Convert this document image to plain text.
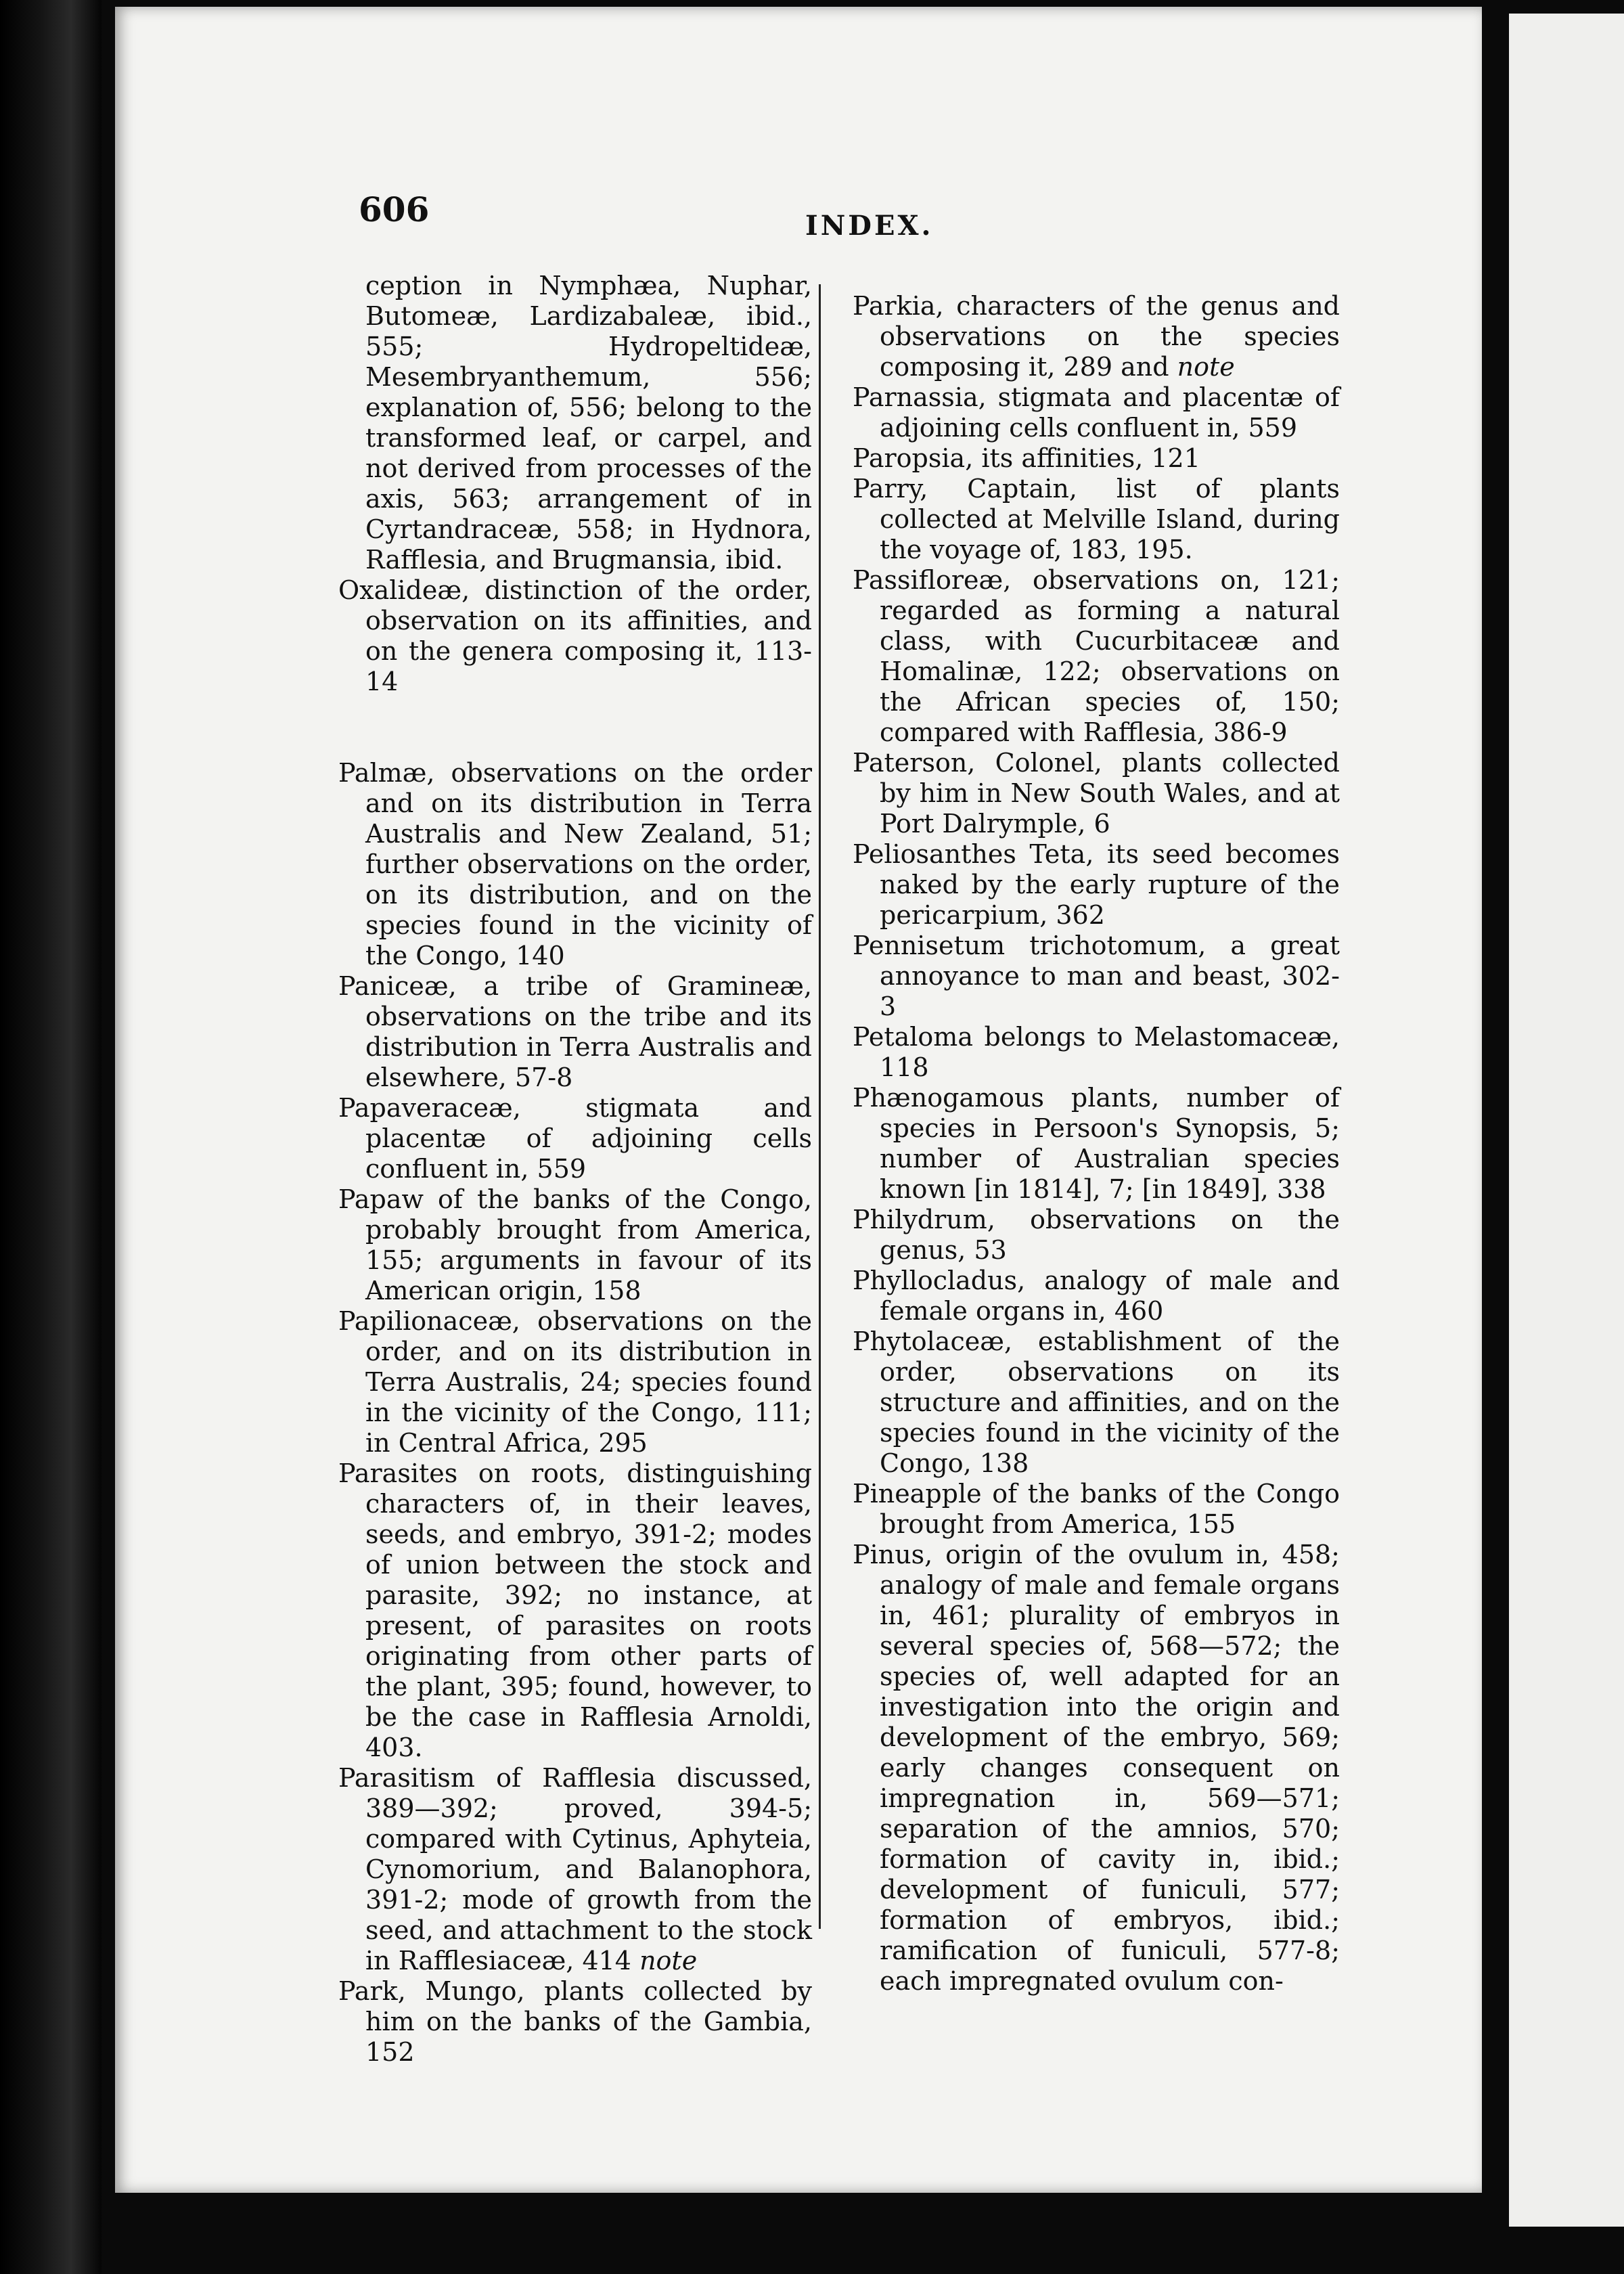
606	INDEX.

ception in Nymphæa, Nuphar, Butomeæ, Lardizabaleæ, ibid., 555; Hydropeltideæ, Mesembryanthemum, 556; explanation of, 556; belong to the transformed leaf, or carpel, and not derived from processes of the axis, 563; arrangement of in Cyrtandraceæ, 558; in Hydnora, Rafflesia, and Brugmansia, ibid.

Oxalideæ, distinction of the order, observation on its affinities, and on the genera composing it, 113-14

Palmæ, observations on the order and on its distribution in Terra Australis and New Zealand, 51; further observations on the order, on its distribution, and on the species found in the vicinity of the Congo, 140

Paniceæ, a tribe of Gramineæ, observations on the tribe and its distribution in Terra Australis and elsewhere, 57-8

Papaveraceæ, stigmata and placentæ of adjoining cells confluent in, 559

Papaw of the banks of the Congo, probably brought from America, 155; arguments in favour of its American origin, 158

Papilionaceæ, observations on the order, and on its distribution in Terra Australis, 24; species found in the vicinity of the Congo, 111; in Central Africa, 295

Parasites on roots, distinguishing characters of, in their leaves, seeds, and embryo, 391-2; modes of union between the stock and parasite, 392; no instance, at present, of parasites on roots originating from other parts of the plant, 395; found, however, to be the case in Rafflesia Arnoldi, 403.

Parasitism of Rafflesia discussed, 389—392; proved, 394-5; compared with Cytinus, Aphyteia, Cynomorium, and Balanophora, 391-2; mode of growth from the seed, and attachment to the stock in Rafflesiaceæ, 414 note

Park, Mungo, plants collected by him on the banks of the Gambia, 152

Parkia, characters of the genus and observations on the species composing it, 289 and note

Parnassia, stigmata and placentæ of adjoining cells confluent in, 559

Paropsia, its affinities, 121

Parry, Captain, list of plants collected at Melville Island, during the voyage of, 183, 195.

Passifloreæ, observations on, 121; regarded as forming a natural class, with Cucurbitaceæ and Homalinæ, 122; observations on the African species of, 150; compared with Rafflesia, 386-9

Paterson, Colonel, plants collected by him in New South Wales, and at Port Dalrymple, 6

Peliosanthes Teta, its seed becomes naked by the early rupture of the pericarpium, 362

Pennisetum trichotomum, a great annoyance to man and beast, 302-3

Petaloma belongs to Melastomaceæ, 118

Phænogamous plants, number of species in Persoon's Synopsis, 5; number of Australian species known [in 1814], 7; [in 1849], 338

Philydrum, observations on the genus, 53

Phyllocladus, analogy of male and female organs in, 460

Phytolaceæ, establishment of the order, observations on its structure and affinities, and on the species found in the vicinity of the Congo, 138

Pineapple of the banks of the Congo brought from America, 155

Pinus, origin of the ovulum in, 458; analogy of male and female organs in, 461; plurality of embryos in several species of, 568—572; the species of, well adapted for an investigation into the origin and development of the embryo, 569; early changes consequent on impregnation in, 569—571; separation of the amnios, 570; formation of cavity in, ibid.; development of funiculi, 577; formation of embryos, ibid.; ramification of funiculi, 577-8; each impregnated ovulum con-
